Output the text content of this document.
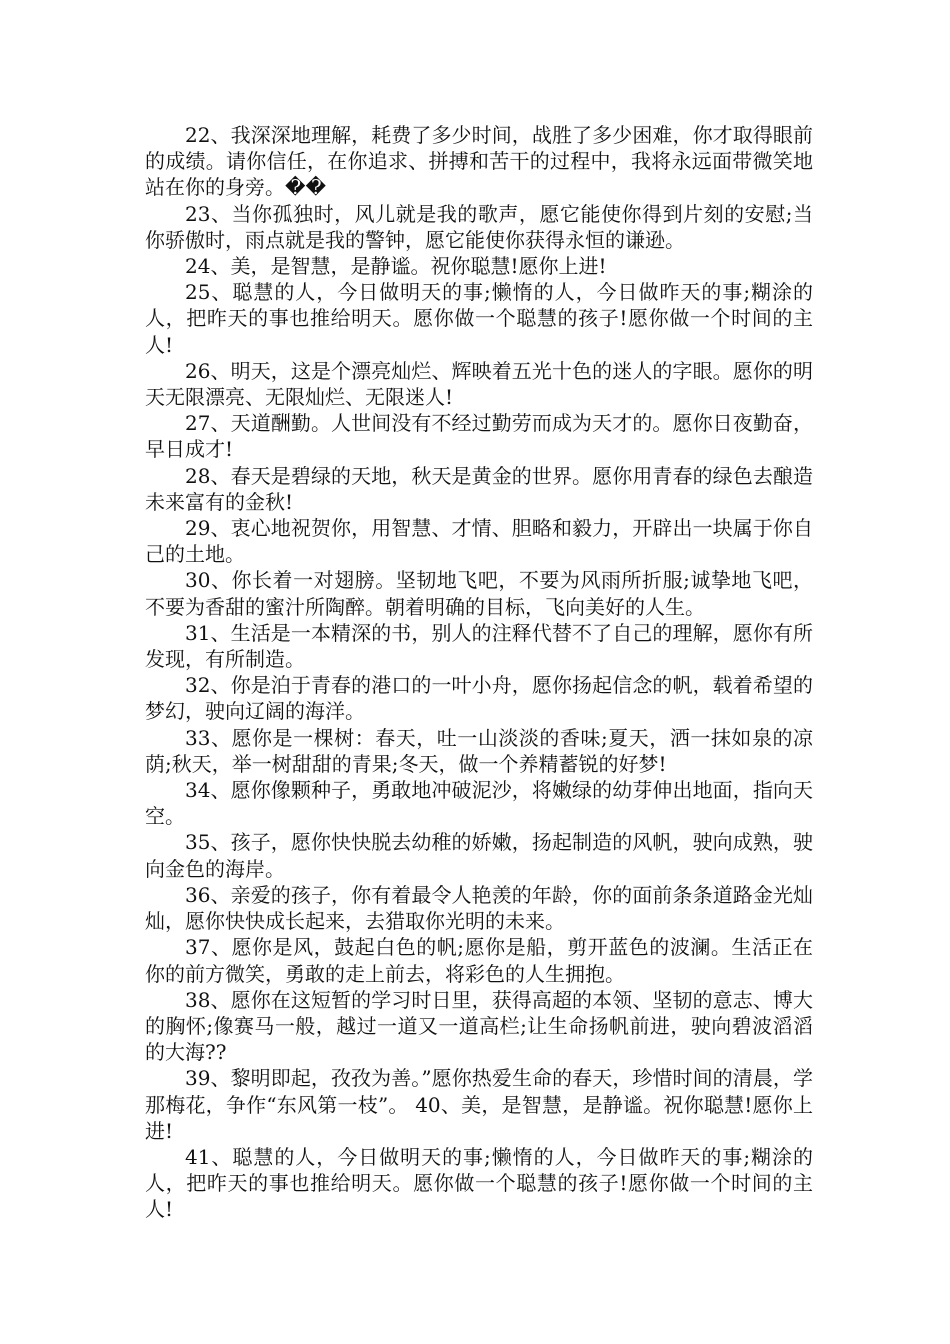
22、我深深地理解，耗费了多少时间，战胜了多少困难，你才取得眼前的成绩。请你信任，在你追求、拼搏和苦干的过程中，我将永远面带微笑地站在你的身旁。��

23、当你孤独时，风儿就是我的歌声，愿它能使你得到片刻的安慰;当你骄傲时，雨点就是我的警钟，愿它能使你获得永恒的谦逊。

24、美，是智慧，是静谧。祝你聪慧!愿你上进!

25、聪慧的人，今日做明天的事;懒惰的人，今日做昨天的事;糊涂的人，把昨天的事也推给明天。愿你做一个聪慧的孩子!愿你做一个时间的主人!

26、明天，这是个漂亮灿烂、辉映着五光十色的迷人的字眼。愿你的明天无限漂亮、无限灿烂、无限迷人!

27、天道酬勤。人世间没有不经过勤劳而成为天才的。愿你日夜勤奋，早日成才!

28、春天是碧绿的天地，秋天是黄金的世界。愿你用青春的绿色去酿造未来富有的金秋!

29、衷心地祝贺你，用智慧、才情、胆略和毅力，开辟出一块属于你自己的土地。

30、你长着一对翅膀。坚韧地飞吧，不要为风雨所折服;诚挚地飞吧，不要为香甜的蜜汁所陶醉。朝着明确的目标，飞向美好的人生。

31、生活是一本精深的书，别人的注释代替不了自己的理解，愿你有所发现，有所制造。

32、你是泊于青春的港口的一叶小舟，愿你扬起信念的帆，载着希望的梦幻，驶向辽阔的海洋。

33、愿你是一棵树：春天，吐一山淡淡的香味;夏天，洒一抹如泉的凉荫;秋天，举一树甜甜的青果;冬天，做一个养精蓄锐的好梦!

34、愿你像颗种子，勇敢地冲破泥沙，将嫩绿的幼芽伸出地面，指向天空。

35、孩子，愿你快快脱去幼稚的娇嫩，扬起制造的风帆，驶向成熟，驶向金色的海岸。

36、亲爱的孩子，你有着最令人艳羡的年龄，你的面前条条道路金光灿灿，愿你快快成长起来，去猎取你光明的未来。

37、愿你是风，鼓起白色的帆;愿你是船，剪开蓝色的波澜。生活正在你的前方微笑，勇敢的走上前去，将彩色的人生拥抱。

38、愿你在这短暂的学习时日里，获得高超的本领、坚韧的意志、博大的胸怀;像赛马一般，越过一道又一道高栏;让生命扬帆前进，驶向碧波滔滔的大海??

39、黎明即起，孜孜为善。”愿你热爱生命的春天，珍惜时间的清晨，学那梅花，争作“东风第一枝”。 40、美，是智慧，是静谧。祝你聪慧!愿你上进!

41、聪慧的人，今日做明天的事;懒惰的人，今日做昨天的事;糊涂的人，把昨天的事也推给明天。愿你做一个聪慧的孩子!愿你做一个时间的主人!
